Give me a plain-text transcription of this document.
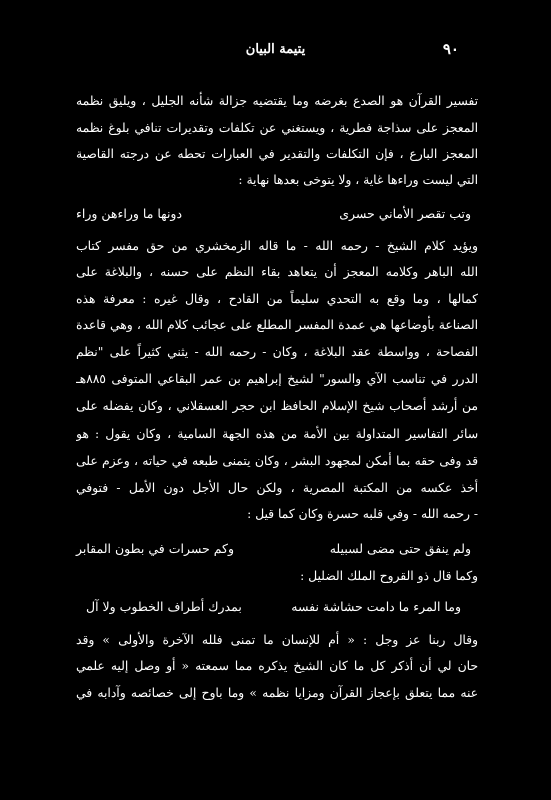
٩٠
يتيمة البيان
تفسير القرآن هو الصدع بغرضه وما يقتضيه جزالة شأنه الجليل ، ويليق نظمه
المعجز على سذاجة فطرية ، ويستغني عن تكلفات وتقديرات تنافي بلوغ نظمه
المعجز البارع ، فإن التكلفات والتقدير في العبارات تحطه عن درجته القاصية
التي ليست وراءها غاية ، ولا يتوخى بعدها نهاية :
وتب تقصر الأماني حسرى
دونها ما وراءهن وراء
ويؤيد كلام الشيخ - رحمه الله - ما قاله الزمخشري من حق مفسر كتاب
الله الباهر وكلامه المعجز أن يتعاهد بقاء النظم على حسنه ، والبلاغة على
كمالها ، وما وقع به التحدي سليماً من القادح ، وقال غيره : معرفة هذه
الصناعة بأوضاعها هي عمدة المفسر المطلع على عجائب كلام الله ، وهي قاعدة
الفصاحة ، وواسطة عقد البلاغة ، وكان - رحمه الله - يثني كثيراً على "نظم
الدرر في تناسب الآي والسور" لشيخ إبراهيم بن عمر البقاعي المتوفى ٨٨٥هـ
من أرشد أصحاب شيخ الإسلام الحافظ ابن حجر العسقلاني ، وكان يفضله على
سائر التفاسير المتداولة بين الأمة من هذه الجهة السامية ، وكان يقول : هو
قد وفى حقه بما أمكن لمجهود البشر ، وكان يتمنى طبعه في حياته ، وعزم على
أخذ عكسه من المكتبة المصرية ، ولكن حال الأجل دون الأمل - فتوفي
- رحمه الله - وفي قلبه حسرة وكان كما قيل :
ولم ينفق حتى مضى لسبيله
وكم حسرات في بطون المقابر
وكما قال ذو القروح الملك الضليل :
وما المرء ما دامت حشاشة نفسه
بمدرك أطراف الخطوب ولا آل
وقال ربنا عز وجل : « أم للإنسان ما تمنى فلله الآخرة والأولى » وقد
حان لي أن أذكر كل ما كان الشيخ يذكره مما سمعته « أو وصل إليه علمي
عنه مما يتعلق بإعجاز القرآن ومزايا نظمه » وما باوح إلى خصائصه وآدابه في
